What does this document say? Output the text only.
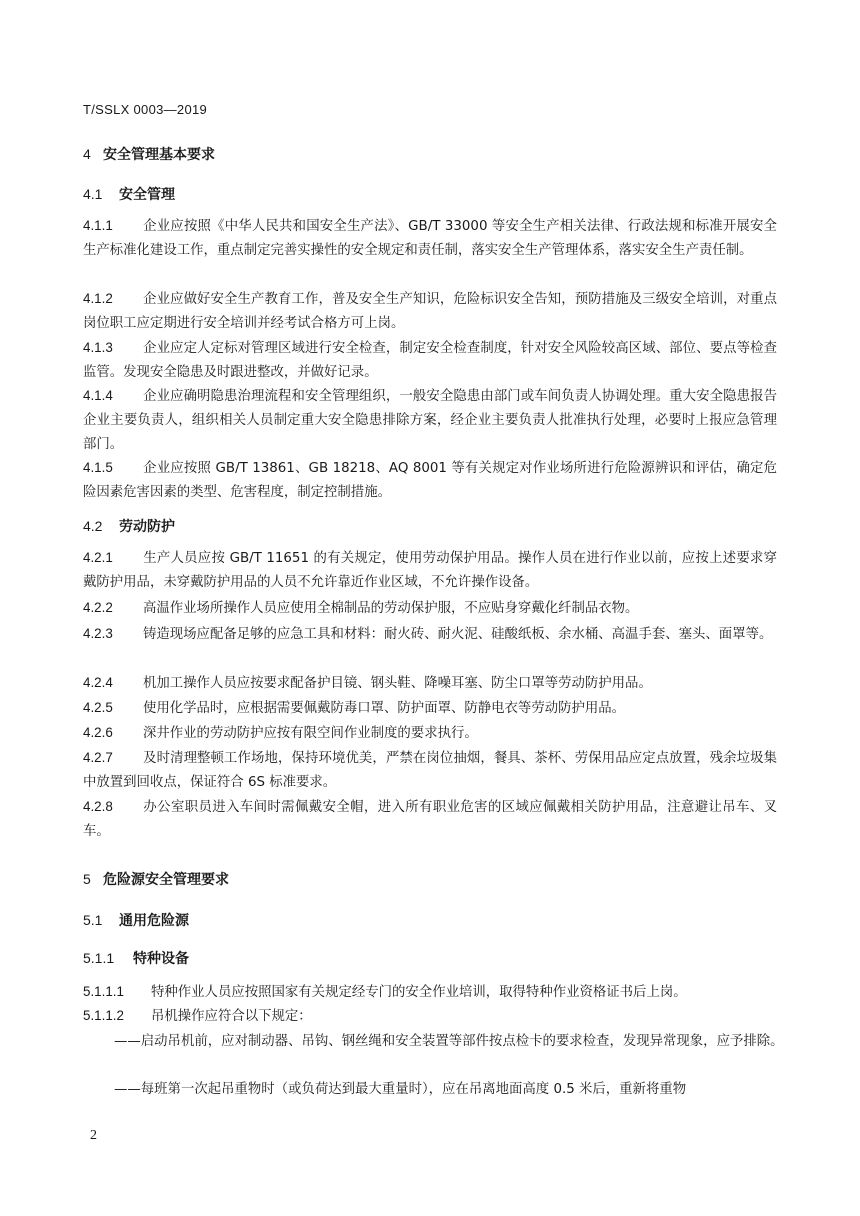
T/SSLX 0003—2019
4 安全管理基本要求
4.1 安全管理
4.1.1 企业应按照《中华人民共和国安全生产法》、GB/T 33000 等安全生产相关法律、行政法规和标准开展安全生产标准化建设工作，重点制定完善实操性的安全规定和责任制，落实安全生产管理体系，落实安全生产责任制。
4.1.2 企业应做好安全生产教育工作，普及安全生产知识，危险标识安全告知，预防措施及三级安全培训，对重点岗位职工应定期进行安全培训并经考试合格方可上岗。
4.1.3 企业应定人定标对管理区域进行安全检查，制定安全检查制度，针对安全风险较高区域、部位、要点等检查监管。发现安全隐患及时跟进整改，并做好记录。
4.1.4 企业应确明隐患治理流程和安全管理组织，一般安全隐患由部门或车间负责人协调处理。重大安全隐患报告企业主要负责人，组织相关人员制定重大安全隐患排除方案，经企业主要负责人批准执行处理，必要时上报应急管理部门。
4.1.5 企业应按照 GB/T 13861、GB 18218、AQ 8001 等有关规定对作业场所进行危险源辨识和评估，确定危险因素危害因素的类型、危害程度，制定控制措施。
4.2 劳动防护
4.2.1 生产人员应按 GB/T 11651 的有关规定，使用劳动保护用品。操作人员在进行作业以前，应按上述要求穿戴防护用品，未穿戴防护用品的人员不允许靠近作业区域，不允许操作设备。
4.2.2 高温作业场所操作人员应使用全棉制品的劳动保护服，不应贴身穿戴化纤制品衣物。
4.2.3 铸造现场应配备足够的应急工具和材料：耐火砖、耐火泥、硅酸纸板、余水桶、高温手套、塞头、面罩等。
4.2.4 机加工操作人员应按要求配备护目镜、钢头鞋、降噪耳塞、防尘口罩等劳动防护用品。
4.2.5 使用化学品时，应根据需要佩戴防毒口罩、防护面罩、防静电衣等劳动防护用品。
4.2.6 深井作业的劳动防护应按有限空间作业制度的要求执行。
4.2.7 及时清理整顿工作场地，保持环境优美，严禁在岗位抽烟，餐具、茶杯、劳保用品应定点放置，残余垃圾集中放置到回收点，保证符合 6S 标准要求。
4.2.8 办公室职员进入车间时需佩戴安全帽，进入所有职业危害的区域应佩戴相关防护用品，注意避让吊车、叉车。
5 危险源安全管理要求
5.1 通用危险源
5.1.1 特种设备
5.1.1.1 特种作业人员应按照国家有关规定经专门的安全作业培训，取得特种作业资格证书后上岗。
5.1.1.2 吊机操作应符合以下规定：
——启动吊机前，应对制动器、吊钩、钢丝绳和安全装置等部件按点检卡的要求检查，发现异常现象，应予排除。
——每班第一次起吊重物时（或负荷达到最大重量时），应在吊离地面高度 0.5 米后，重新将重物
2
